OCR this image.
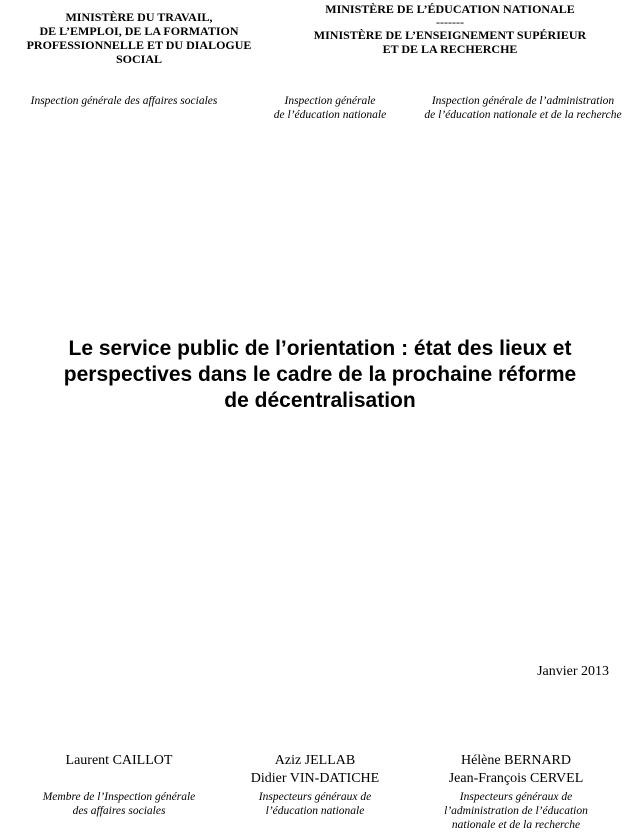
MINISTÈRE DU TRAVAIL,
DE L’EMPLOI, DE LA FORMATION
PROFESSIONNELLE ET DU DIALOGUE
SOCIAL
MINISTÈRE DE L’ÉDUCATION NATIONALE
-------
MINISTÈRE DE L’ENSEIGNEMENT SUPÉRIEUR
ET DE LA RECHERCHE
Inspection générale des affaires sociales	Inspection générale
de l’éducation nationale
Inspection générale de l’administration
de l’éducation nationale et de la recherche
Le service public de l’orientation : état des lieux et
perspectives dans le cadre de la prochaine réforme
de décentralisation
Janvier 2013
Laurent CAILLOT
Membre de l’Inspection générale
des affaires sociales
Aziz JELLAB
Didier VIN-DATICHE
Inspecteurs généraux de
l’éducation nationale
Hélène BERNARD
Jean-François CERVEL
Inspecteurs généraux de
l’administration de l’éducation
nationale et de la recherche
